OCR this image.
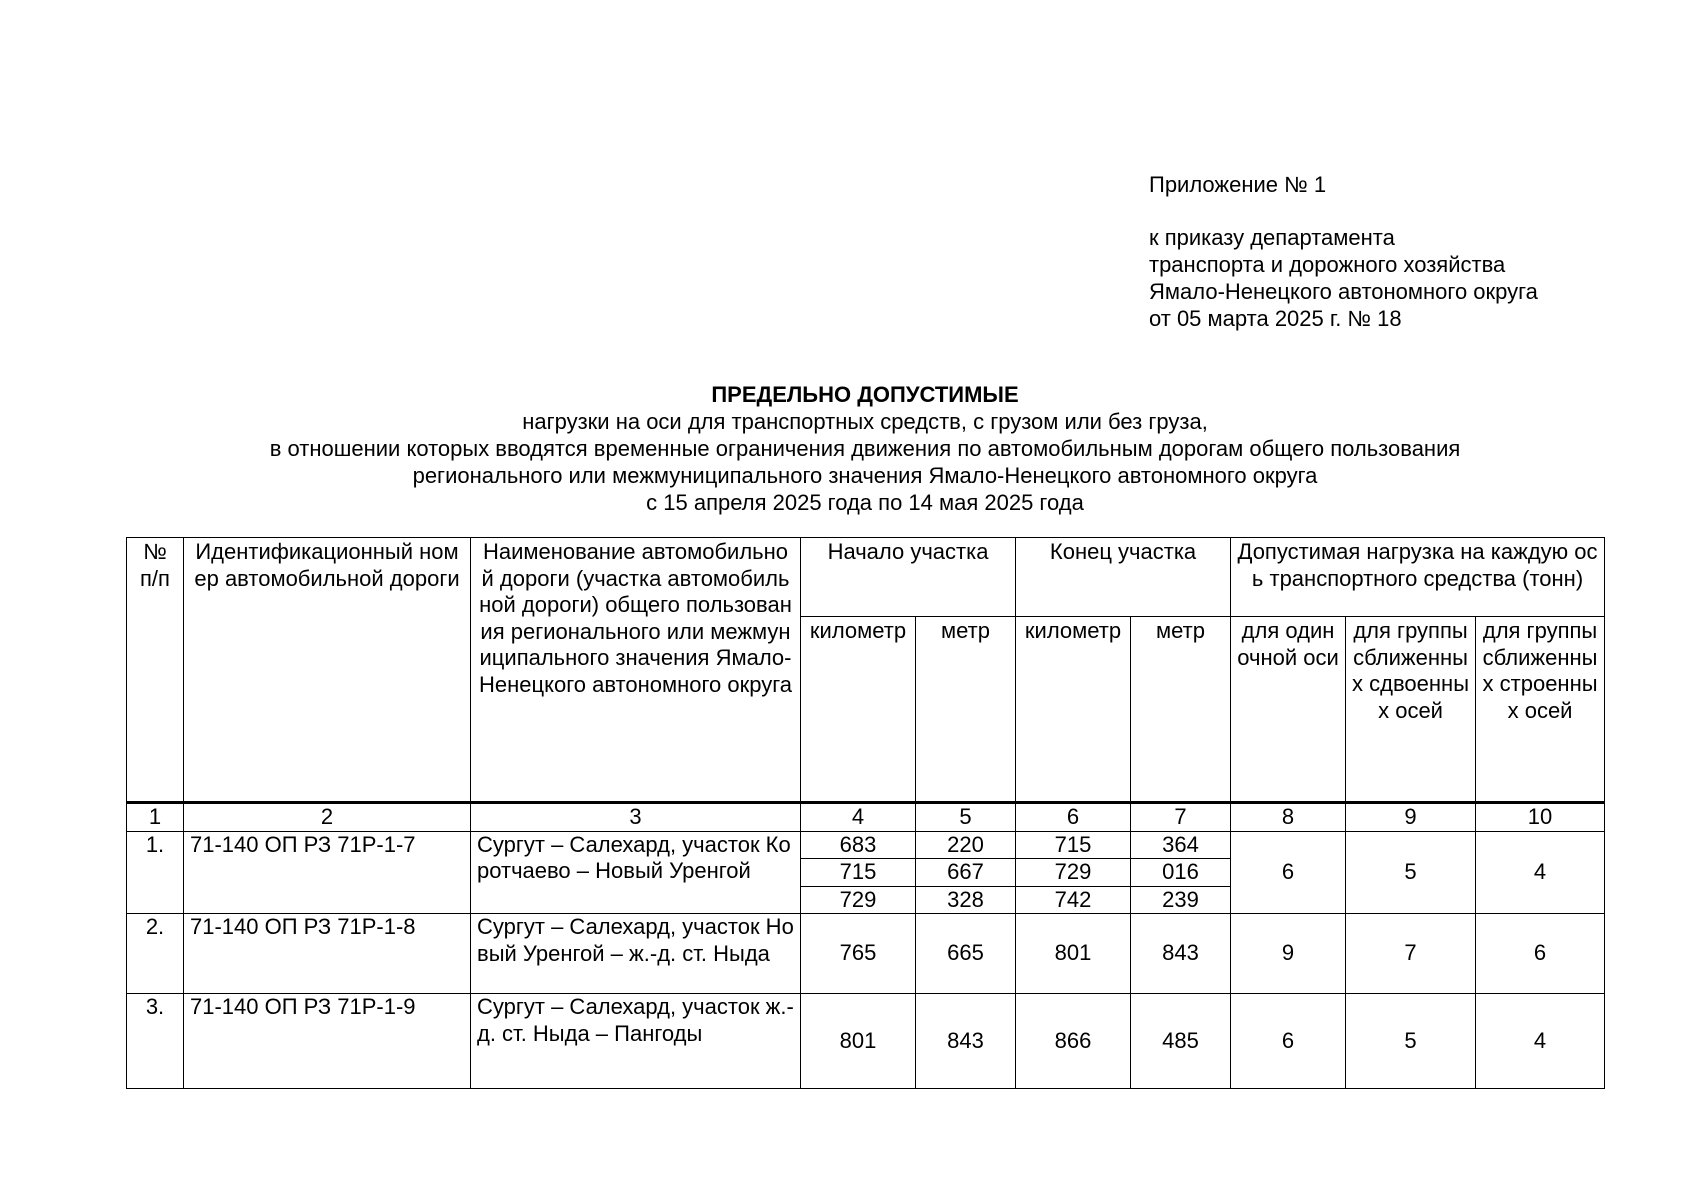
Приложение № 1
к приказу департамента
транспорта и дорожного хозяйства
Ямало-Ненецкого автономного округа
от 05 марта 2025 г. № 18
ПРЕДЕЛЬНО ДОПУСТИМЫЕ
нагрузки на оси для транспортных средств, с грузом или без груза,
в отношении которых вводятся временные ограничения движения по автомобильным дорогам общего пользования
регионального или межмуниципального значения Ямало-Ненецкого автономного округа
с 15 апреля 2025 года по 14 мая 2025 года
№ п/п	Идентификационный номер автомобильной дороги	Наименование автомобильной дороги (участка автомобильной дороги) общего пользования регионального или межмуниципального значения Ямало-Ненецкого автономного округа	Начало участка		Конец участка		Допустимая нагрузка на каждую ось транспортного средства (тонн)		
			километр	метр	километр	метр	для одиночной оси	для группы сближенных сдвоенных осей	для группы сближенных строенных осей
1	2	3	4	5	6	7	8	9	10
1.	71-140 ОП РЗ 71Р-1-7	Сургут – Салехард, участок Коротчаево – Новый Уренгой	683	220	715	364	6	5	4
			715	667	729	016			
			729	328	742	239			
2.	71-140 ОП РЗ 71Р-1-8	Сургут – Салехард, участок Новый Уренгой – ж.-д. ст. Ныда	765	665	801	843	9	7	6
3.	71-140 ОП РЗ 71Р-1-9	Сургут – Салехард, участок ж.-д. ст. Ныда – Пангоды	801	843	866	485	6	5	4
